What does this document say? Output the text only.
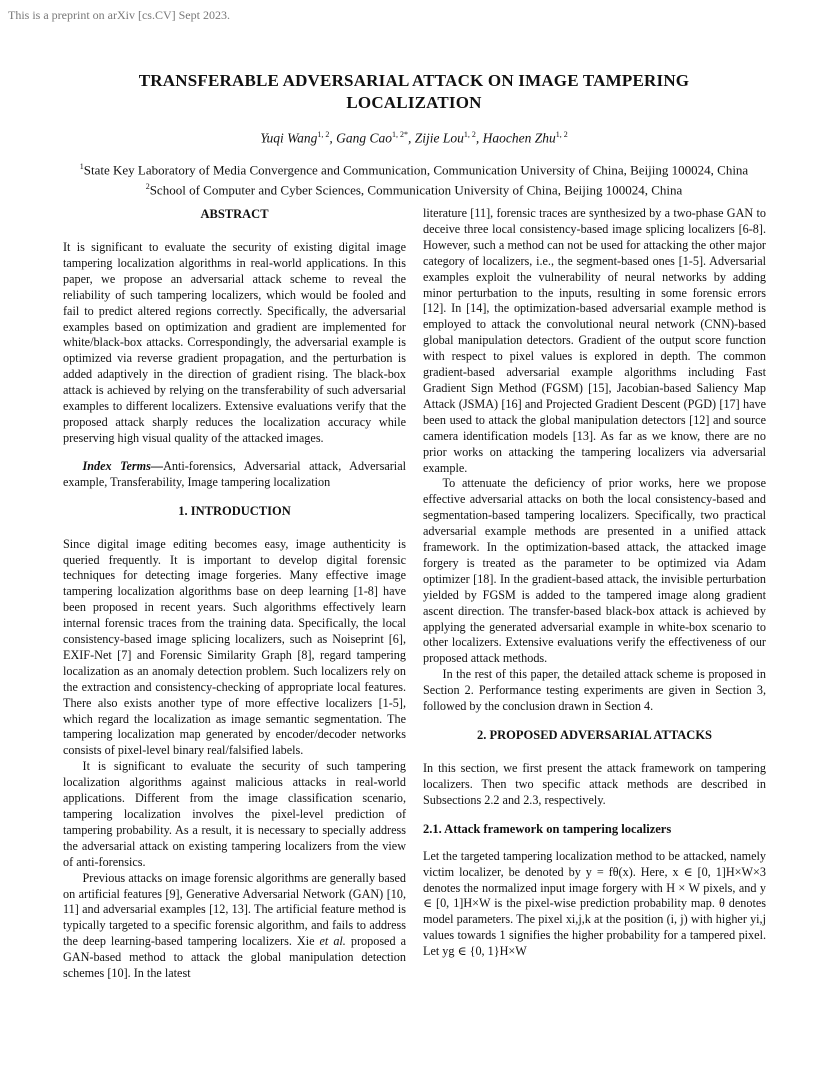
This is a preprint on arXiv [cs.CV] Sept 2023.
TRANSFERABLE ADVERSARIAL ATTACK ON IMAGE TAMPERING
LOCALIZATION
Yuqi Wang$^{1, 2}$, Gang Cao$^{1, 2*}$, Zijie Lou$^{1, 2}$, Haochen Zhu$^{1, 2}$
$^1$State Key Laboratory of Media Convergence and Communication, Communication University of China, Beijing 100024, China
$^2$School of Computer and Cyber Sciences, Communication University of China, Beijing 100024, China
ABSTRACT

It is significant to evaluate the security of existing digital image tampering localization algorithms in real-world applications. In this paper, we propose an adversarial attack scheme to reveal the reliability of such tampering localizers, which would be fooled and fail to predict altered regions correctly. Specifically, the adversarial examples based on optimization and gradient are implemented for white/black-box attacks. Correspondingly, the adversarial example is optimized via reverse gradient propagation, and the perturbation is added adaptively in the direction of gradient rising. The black-box attack is achieved by relying on the transferability of such adversarial examples to different localizers. Extensive evaluations verify that the proposed attack sharply reduces the localization accuracy while preserving high visual quality of the attacked images.

Index Terms—Anti-forensics, Adversarial attack, Adversarial example, Transferability, Image tampering localization

1. INTRODUCTION

Since digital image editing becomes easy, image authenticity is queried frequently. It is important to develop digital forensic techniques for detecting image forgeries. Many effective image tampering localization algorithms base on deep learning [1-8] have been proposed in recent years. Such algorithms effectively learn internal forensic traces from the training data. Specifically, the local consistency-based image splicing localizers, such as Noiseprint [6], EXIF-Net [7] and Forensic Similarity Graph [8], regard tampering localization as an anomaly detection problem. Such localizers rely on the extraction and consistency-checking of appropriate local features. There also exists another type of more effective localizers [1-5], which regard the localization as image semantic segmentation. The tampering localization map generated by encoder/decoder networks consists of pixel-level binary real/falsified labels.

It is significant to evaluate the security of such tampering localization algorithms against malicious attacks in real-world applications. Different from the image classification scenario, tampering localization involves the pixel-level prediction of tampering probability. As a result, it is necessary to specially address the adversarial attack on existing tampering localizers from the view of anti-forensics.

Previous attacks on image forensic algorithms are generally based on artificial features [9], Generative Adversarial Network (GAN) [10, 11] and adversarial examples [12, 13]. The artificial feature method is typically targeted to a specific forensic algorithm, and fails to address the deep learning-based tampering localizers. Xie et al. proposed a GAN-based method to attack the global manipulation detection schemes [10]. In the latest

literature [11], forensic traces are synthesized by a two-phase GAN to deceive three local consistency-based image splicing localizers [6-8]. However, such a method can not be used for attacking the other major category of localizers, i.e., the segment-based ones [1-5]. Adversarial examples exploit the vulnerability of neural networks by adding minor perturbation to the inputs, resulting in some forensic errors [12]. In [14], the optimization-based adversarial example method is employed to attack the convolutional neural network (CNN)-based global manipulation detectors. Gradient of the output score function with respect to pixel values is explored in depth. The common gradient-based adversarial example algorithms including Fast Gradient Sign Method (FGSM) [15], Jacobian-based Saliency Map Attack (JSMA) [16] and Projected Gradient Descent (PGD) [17] have been used to attack the global manipulation detectors [12] and source camera identification models [13]. As far as we know, there are no prior works on attacking the tampering localizers via adversarial example.

To attenuate the deficiency of prior works, here we propose effective adversarial attacks on both the local consistency-based and segmentation-based tampering localizers. Specifically, two practical adversarial example methods are presented in a unified attack framework. In the optimization-based attack, the attacked image forgery is treated as the parameter to be optimized via Adam optimizer [18]. In the gradient-based attack, the invisible perturbation yielded by FGSM is added to the tampered image along gradient ascent direction. The transfer-based black-box attack is achieved by applying the generated adversarial example in white-box scenario to other localizers. Extensive evaluations verify the effectiveness of our proposed attack methods.

In the rest of this paper, the detailed attack scheme is proposed in Section 2. Performance testing experiments are given in Section 3, followed by the conclusion drawn in Section 4.

2. PROPOSED ADVERSARIAL ATTACKS

In this section, we first present the attack framework on tampering localizers. Then two specific attack methods are described in Subsections 2.2 and 2.3, respectively.

2.1. Attack framework on tampering localizers

Let the targeted tampering localization method to be attacked, namely victim localizer, be denoted by y = fθ(x). Here, x ∈ [0, 1]H×W×3 denotes the normalized input image forgery with H × W pixels, and y ∈ [0, 1]H×W is the pixel-wise prediction probability map. θ denotes model parameters. The pixel xi,j,k at the position (i, j) with higher yi,j values towards 1 signifies the higher probability for a tampered pixel. Let yg ∈ {0, 1}H×W
